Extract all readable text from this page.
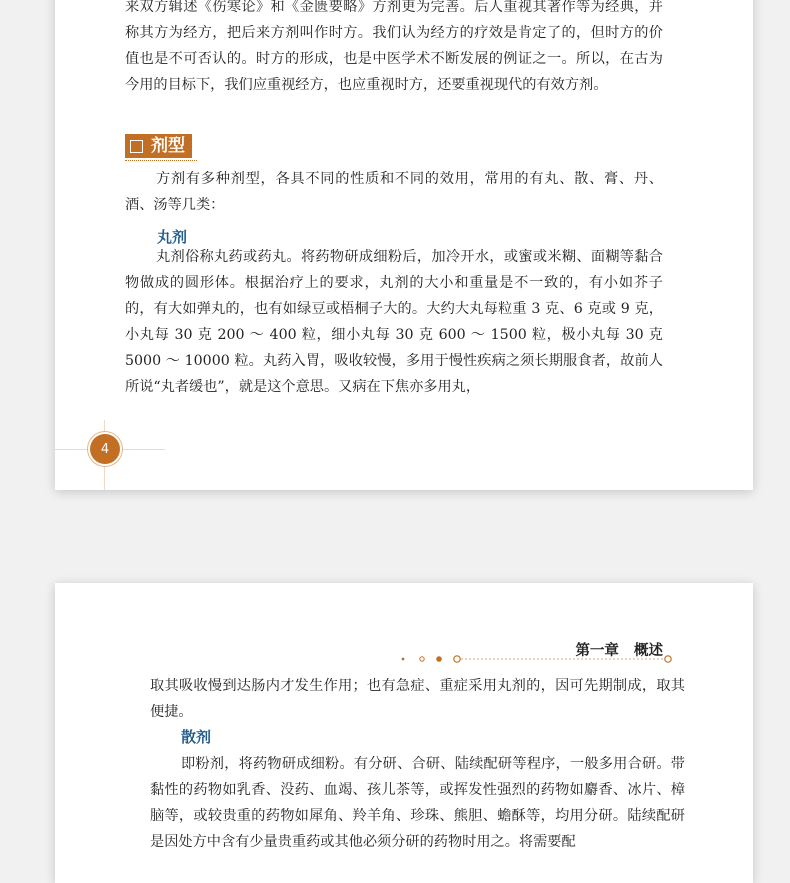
来双方辑述《伤寒论》和《金匮要略》方剂更为完善。后人重视其著作等为经典，并称其方为经方，把后来方剂叫作时方。我们认为经方的疗效是肯定了的，但时方的价值也是不可否认的。时方的形成，也是中医学术不断发展的例证之一。所以，在古为今用的目标下，我们应重视经方，也应重视时方，还要重视现代的有效方剂。

剂型

方剂有多种剂型，各具不同的性质和不同的效用，常用的有丸、散、膏、丹、酒、汤等几类：

丸剂

丸剂俗称丸药或药丸。将药物研成细粉后，加冷开水，或蜜或米糊、面糊等黏合物做成的圆形体。根据治疗上的要求，丸剂的大小和重量是不一致的，有小如芥子的，有大如弹丸的，也有如绿豆或梧桐子大的。大约大丸每粒重 3 克、6 克或 9 克，小丸每 30 克 200 ～ 400 粒，细小丸每 30 克 600 ～ 1500 粒，极小丸每 30 克 5000 ～ 10000 粒。丸药入胃，吸收较慢，多用于慢性疾病之须长期服食者，故前人所说“丸者缓也”，就是这个意思。又病在下焦亦多用丸，

4
第一章 概述

取其吸收慢到达肠内才发生作用；也有急症、重症采用丸剂的，因可先期制成，取其便捷。

散剂

即粉剂，将药物研成细粉。有分研、合研、陆续配研等程序，一般多用合研。带黏性的药物如乳香、没药、血竭、孩儿茶等，或挥发性强烈的药物如麝香、冰片、樟脑等，或较贵重的药物如犀角、羚羊角、珍珠、熊胆、蟾酥等，均用分研。陆续配研是因处方中含有少量贵重药或其他必须分研的药物时用之。将需要配
